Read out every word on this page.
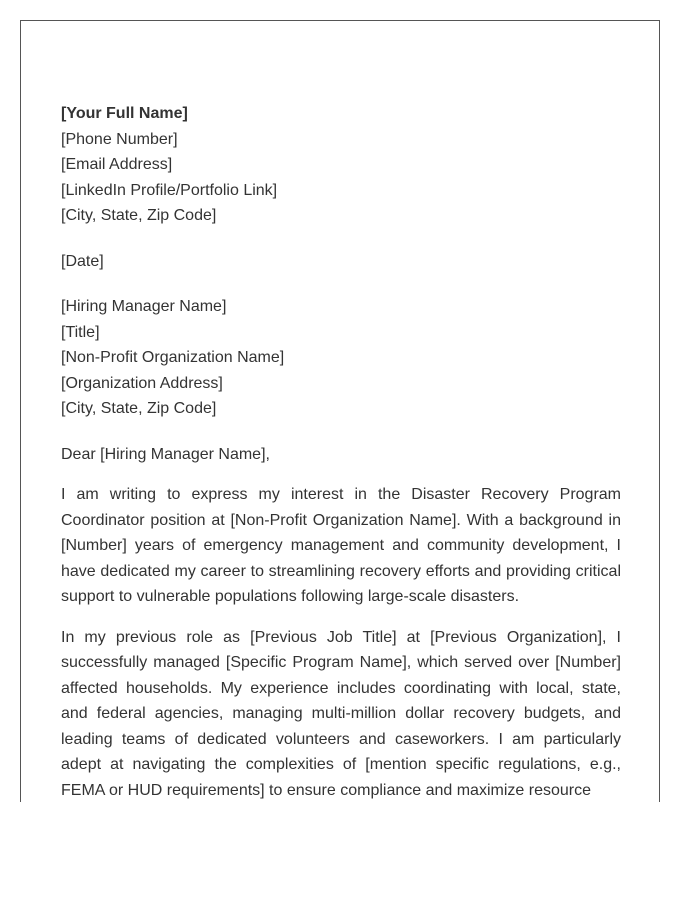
[Your Full Name]
[Phone Number]
[Email Address]
[LinkedIn Profile/Portfolio Link]
[City, State, Zip Code]
[Date]
[Hiring Manager Name]
[Title]
[Non-Profit Organization Name]
[Organization Address]
[City, State, Zip Code]

Dear [Hiring Manager Name],

I am writing to express my interest in the Disaster Recovery Program Coordinator position at [Non-Profit Organization Name]. With a background in [Number] years of emergency management and community development, I have dedicated my career to streamlining recovery efforts and providing critical support to vulnerable populations following large-scale disasters.

In my previous role as [Previous Job Title] at [Previous Organization], I successfully managed [Specific Program Name], which served over [Number] affected households. My experience includes coordinating with local, state, and federal agencies, managing multi-million dollar recovery budgets, and leading teams of dedicated volunteers and caseworkers. I am particularly adept at navigating the complexities of [mention specific regulations, e.g., FEMA or HUD requirements] to ensure compliance and maximize resource
